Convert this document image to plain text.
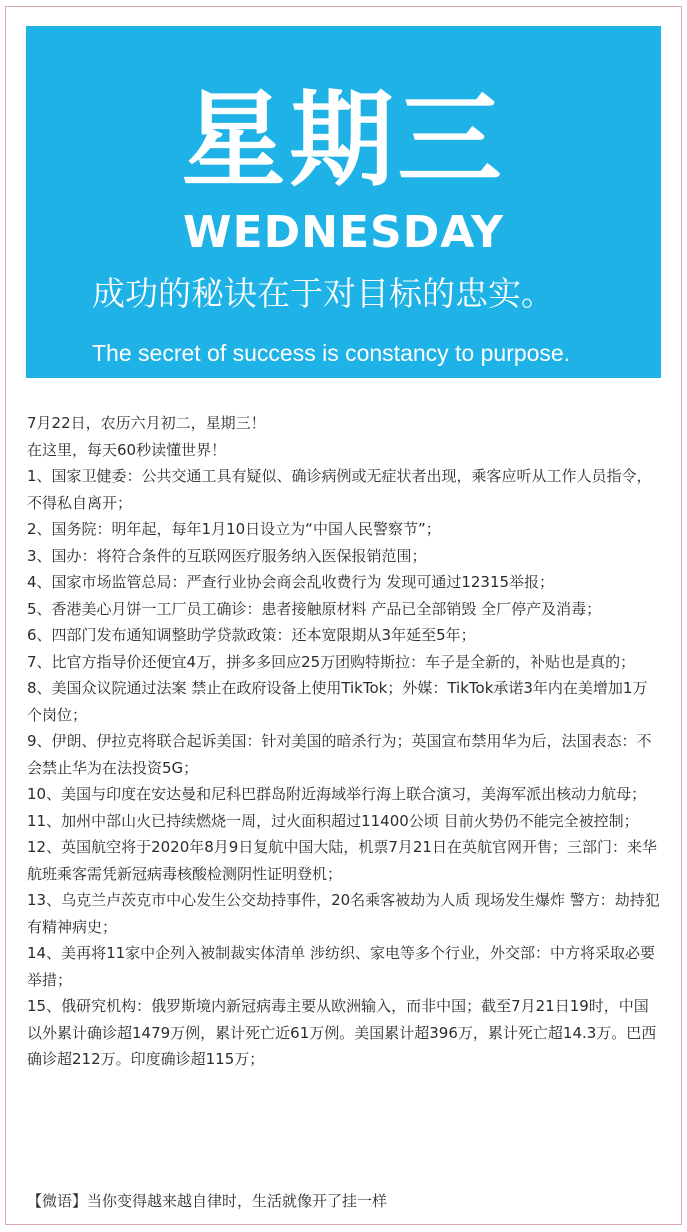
星期三
WEDNESDAY
成功的秘诀在于对目标的忠实。
The secret of success is constancy to purpose.

7月22日，农历六月初二，星期三！

在这里，每天60秒读懂世界！

1、国家卫健委：公共交通工具有疑似、确诊病例或无症状者出现，乘客应听从工作人员指令，不得私自离开；
2、国务院：明年起，每年1月10日设立为“中国人民警察节”；
3、国办：将符合条件的互联网医疗服务纳入医保报销范围；
4、国家市场监管总局：严查行业协会商会乱收费行为 发现可通过12315举报；
5、香港美心月饼一工厂员工确诊：患者接触原材料 产品已全部销毁 全厂停产及消毒；
6、四部门发布通知调整助学贷款政策：还本宽限期从3年延至5年；
7、比官方指导价还便宜4万，拼多多回应25万团购特斯拉：车子是全新的，补贴也是真的；
8、美国众议院通过法案 禁止在政府设备上使用TikTok；外媒：TikTok承诺3年内在美增加1万个岗位；
9、伊朗、伊拉克将联合起诉美国：针对美国的暗杀行为；英国宣布禁用华为后，法国表态：不会禁止华为在法投资5G；
10、美国与印度在安达曼和尼科巴群岛附近海域举行海上联合演习，美海军派出核动力航母；
11、加州中部山火已持续燃烧一周，过火面积超过11400公顷 目前火势仍不能完全被控制；
12、英国航空将于2020年8月9日复航中国大陆，机票7月21日在英航官网开售；三部门：来华航班乘客需凭新冠病毒核酸检测阴性证明登机；
13、乌克兰卢茨克市中心发生公交劫持事件，20名乘客被劫为人质 现场发生爆炸 警方：劫持犯有精神病史；
14、美再将11家中企列入被制裁实体清单 涉纺织、家电等多个行业，外交部：中方将采取必要举措；
15、俄研究机构：俄罗斯境内新冠病毒主要从欧洲输入，而非中国；截至7月21日19时，中国以外累计确诊超1479万例，累计死亡近61万例。美国累计超396万，累计死亡超14.3万。巴西确诊超212万。印度确诊超115万；
【微语】当你变得越来越自律时，生活就像开了挂一样
